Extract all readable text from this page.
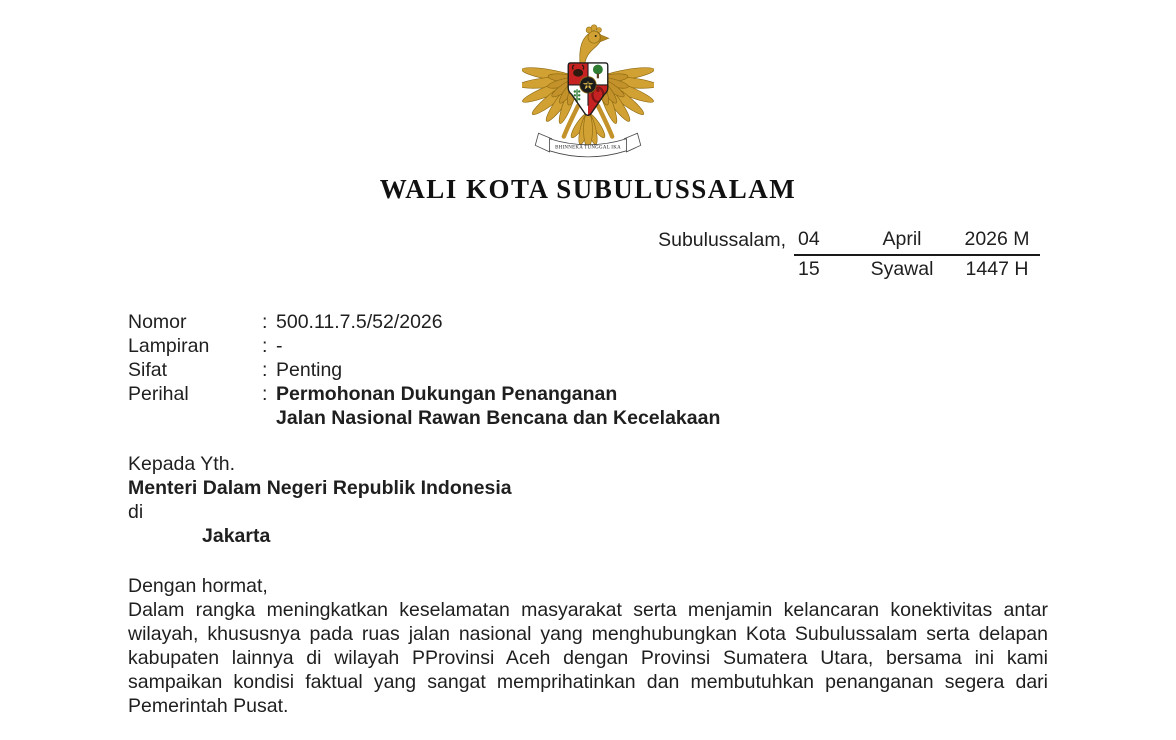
BHINNEKA TUNGGAL IKA
WALI KOTA SUBULUSSALAM
Subulussalam,	04	April	2026 M
	15	Syawal	1447 H
Nomor	: 500.11.7.5/52/2026
Lampiran	: -
Sifat	: Penting
Perihal	: Permohonan Dukungan Penanganan
Jalan Nasional Rawan Bencana dan Kecelakaan
Kepada Yth.
Menteri Dalam Negeri Republik Indonesia
di
Jakarta

Dengan hormat,

Dalam rangka meningkatkan keselamatan masyarakat serta menjamin kelancaran konektivitas antar wilayah, khususnya pada ruas jalan nasional yang menghubungkan Kota Subulussalam serta delapan kabupaten lainnya di wilayah PProvinsi Aceh dengan Provinsi Sumatera Utara, bersama ini kami sampaikan kondisi faktual yang sangat memprihatinkan dan membutuhkan penanganan segera dari Pemerintah Pusat.
